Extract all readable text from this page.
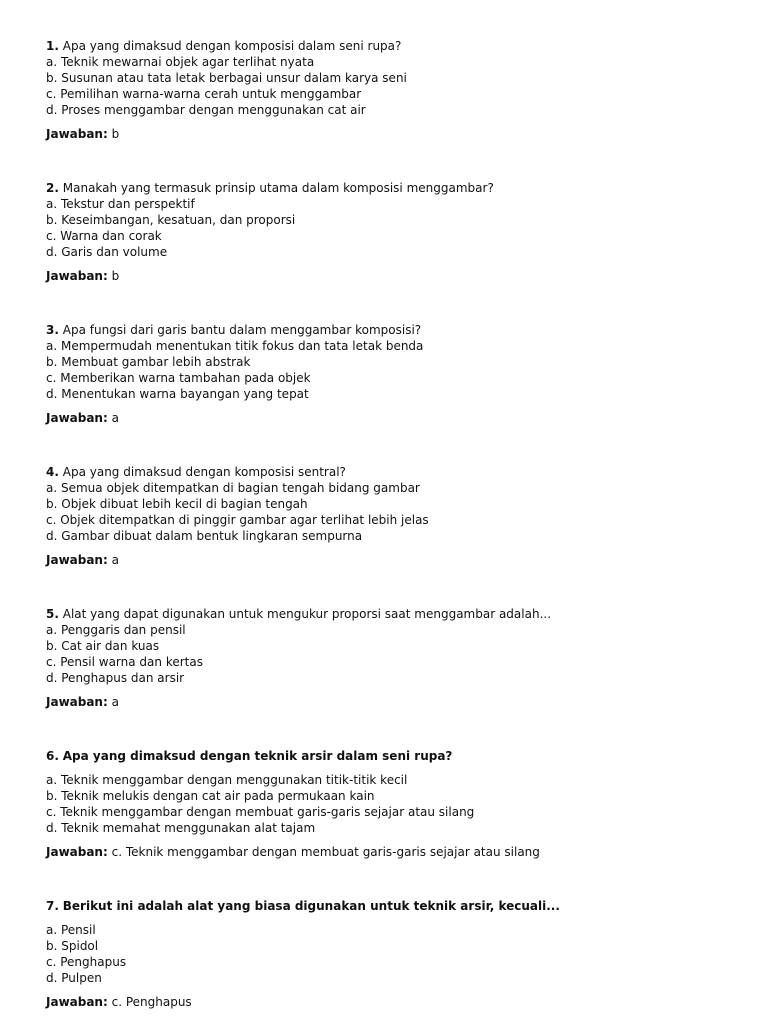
1. Apa yang dimaksud dengan komposisi dalam seni rupa?
a. Teknik mewarnai objek agar terlihat nyata
b. Susunan atau tata letak berbagai unsur dalam karya seni
c. Pemilihan warna-warna cerah untuk menggambar
d. Proses menggambar dengan menggunakan cat air
Jawaban: b
2. Manakah yang termasuk prinsip utama dalam komposisi menggambar?
a. Tekstur dan perspektif
b. Keseimbangan, kesatuan, dan proporsi
c. Warna dan corak
d. Garis dan volume
Jawaban: b
3. Apa fungsi dari garis bantu dalam menggambar komposisi?
a. Mempermudah menentukan titik fokus dan tata letak benda
b. Membuat gambar lebih abstrak
c. Memberikan warna tambahan pada objek
d. Menentukan warna bayangan yang tepat
Jawaban: a
4. Apa yang dimaksud dengan komposisi sentral?
a. Semua objek ditempatkan di bagian tengah bidang gambar
b. Objek dibuat lebih kecil di bagian tengah
c. Objek ditempatkan di pinggir gambar agar terlihat lebih jelas
d. Gambar dibuat dalam bentuk lingkaran sempurna
Jawaban: a
5. Alat yang dapat digunakan untuk mengukur proporsi saat menggambar adalah...
a. Penggaris dan pensil
b. Cat air dan kuas
c. Pensil warna dan kertas
d. Penghapus dan arsir
Jawaban: a
6. Apa yang dimaksud dengan teknik arsir dalam seni rupa?
a. Teknik menggambar dengan menggunakan titik-titik kecil
b. Teknik melukis dengan cat air pada permukaan kain
c. Teknik menggambar dengan membuat garis-garis sejajar atau silang
d. Teknik memahat menggunakan alat tajam
Jawaban: c. Teknik menggambar dengan membuat garis-garis sejajar atau silang
7. Berikut ini adalah alat yang biasa digunakan untuk teknik arsir, kecuali...
a. Pensil
b. Spidol
c. Penghapus
d. Pulpen
Jawaban: c. Penghapus
